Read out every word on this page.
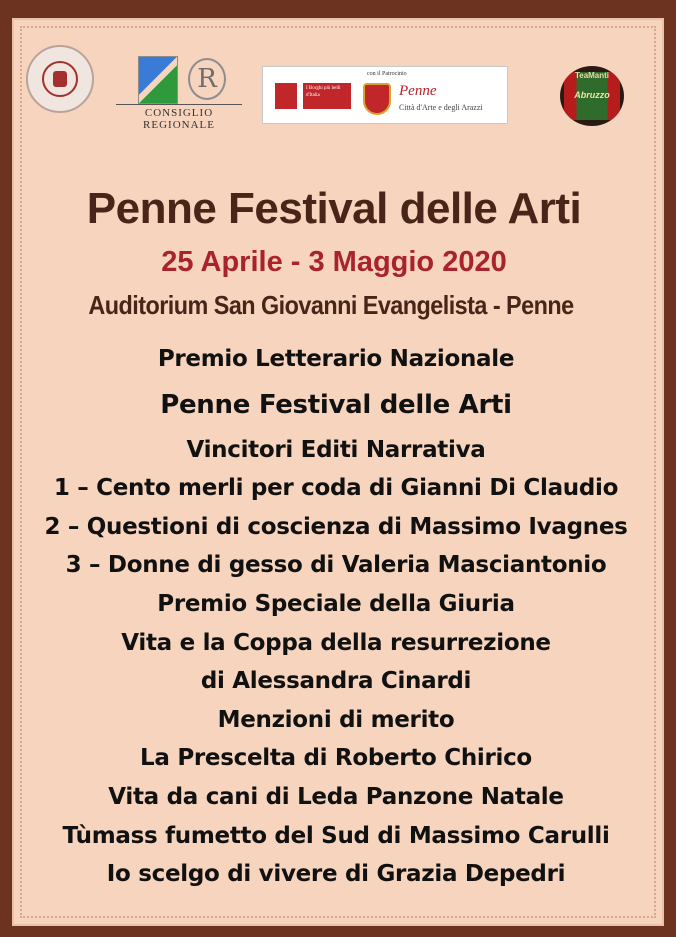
R
CONSIGLIO REGIONALE
I Borghi più belli d'Italia
con il Patrocinio
Penne
Città d'Arte e degli Arazzi
TeaManti
Abruzzo
Penne Festival delle Arti
25 Aprile - 3 Maggio 2020
Auditorium San Giovanni Evangelista - Penne
Premio Letterario Nazionale
Penne Festival delle Arti
Vincitori Editi Narrativa
1 – Cento merli per coda di Gianni Di Claudio
2 – Questioni di coscienza di Massimo Ivagnes
3 – Donne di gesso di Valeria Masciantonio
Premio Speciale della Giuria
Vita e la Coppa della resurrezione
di Alessandra Cinardi
Menzioni di merito
La Prescelta di Roberto Chirico
Vita da cani di Leda Panzone Natale
Tùmass fumetto del Sud di Massimo Carulli
Io scelgo di vivere di Grazia Depedri
